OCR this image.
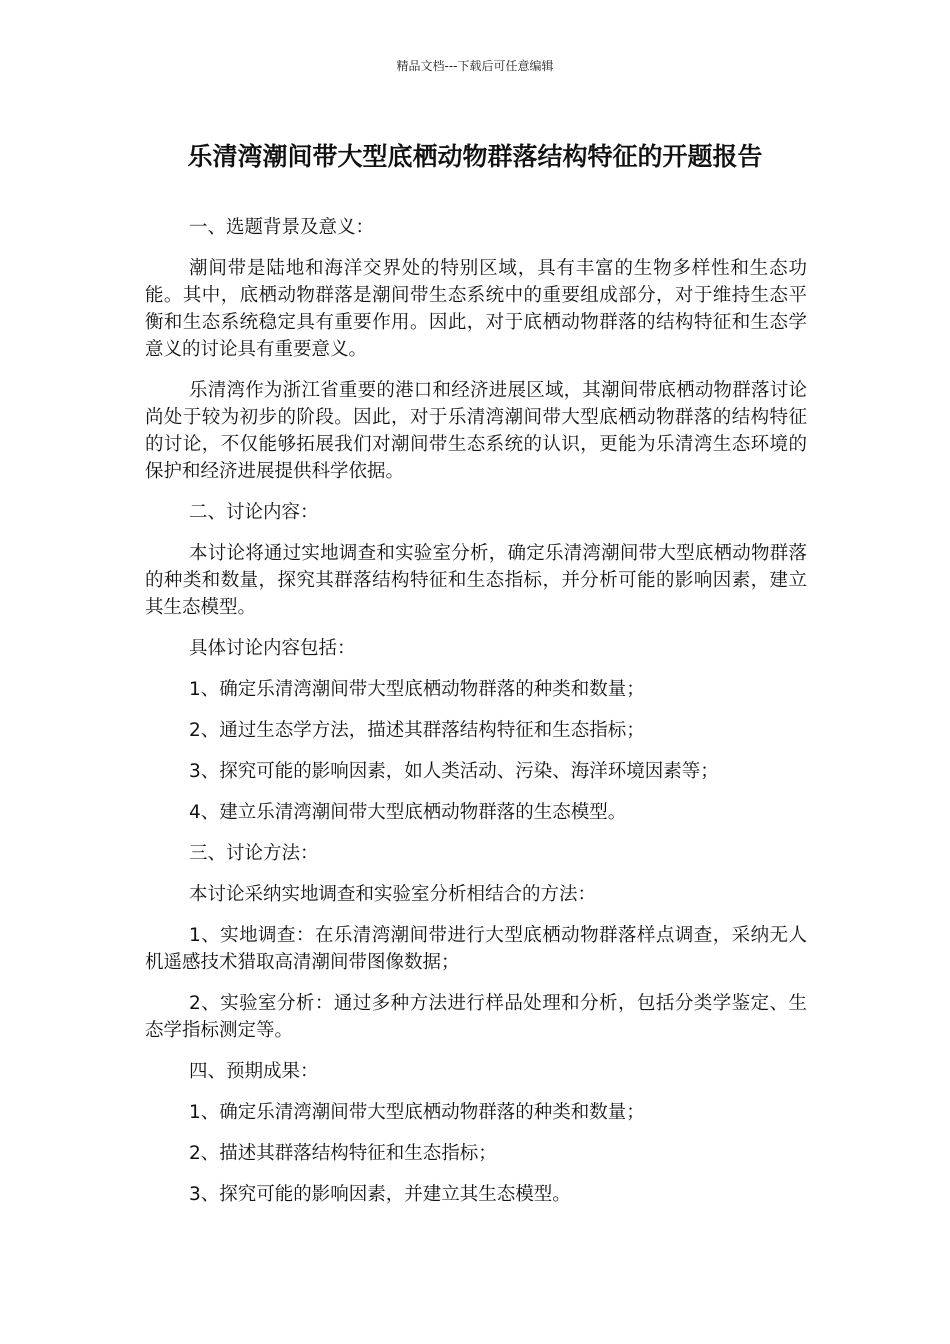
精品文档---下载后可任意编辑
乐清湾潮间带大型底栖动物群落结构特征的开题报告

一、选题背景及意义：

潮间带是陆地和海洋交界处的特别区域，具有丰富的生物多样性和生态功能。其中，底栖动物群落是潮间带生态系统中的重要组成部分，对于维持生态平衡和生态系统稳定具有重要作用。因此，对于底栖动物群落的结构特征和生态学意义的讨论具有重要意义。

乐清湾作为浙江省重要的港口和经济进展区域，其潮间带底栖动物群落讨论尚处于较为初步的阶段。因此，对于乐清湾潮间带大型底栖动物群落的结构特征的讨论，不仅能够拓展我们对潮间带生态系统的认识，更能为乐清湾生态环境的保护和经济进展提供科学依据。

二、讨论内容：

本讨论将通过实地调查和实验室分析，确定乐清湾潮间带大型底栖动物群落的种类和数量，探究其群落结构特征和生态指标，并分析可能的影响因素，建立其生态模型。

具体讨论内容包括：

1、确定乐清湾潮间带大型底栖动物群落的种类和数量；

2、通过生态学方法，描述其群落结构特征和生态指标；

3、探究可能的影响因素，如人类活动、污染、海洋环境因素等；

4、建立乐清湾潮间带大型底栖动物群落的生态模型。

三、讨论方法：

本讨论采纳实地调查和实验室分析相结合的方法：

1、实地调查：在乐清湾潮间带进行大型底栖动物群落样点调查，采纳无人机遥感技术猎取高清潮间带图像数据；

2、实验室分析：通过多种方法进行样品处理和分析，包括分类学鉴定、生态学指标测定等。

四、预期成果：

1、确定乐清湾潮间带大型底栖动物群落的种类和数量；

2、描述其群落结构特征和生态指标；

3、探究可能的影响因素，并建立其生态模型。
